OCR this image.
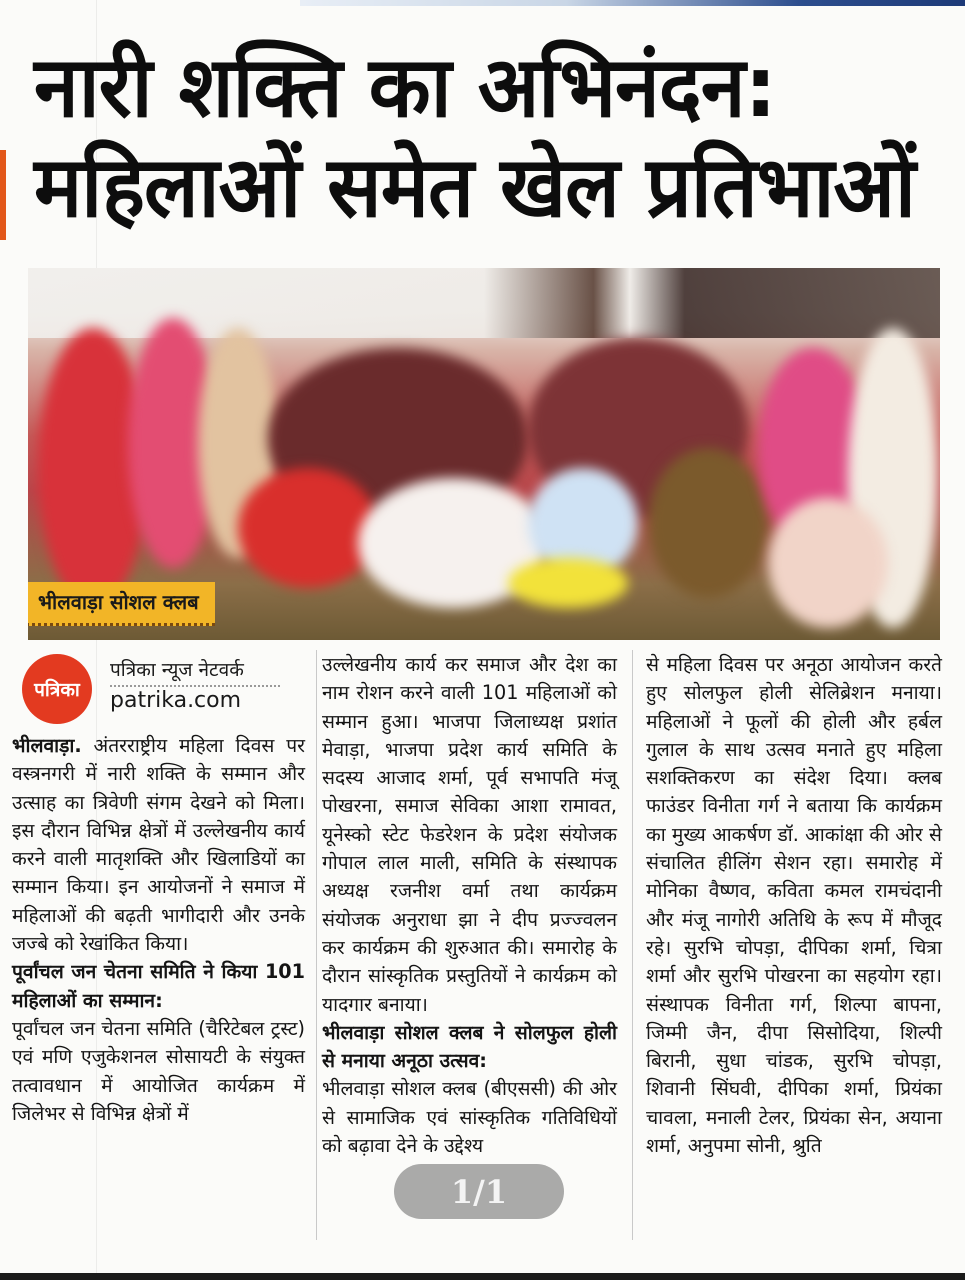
नारी शक्ति का अभिनंदन:
महिलाओं समेत खेल प्रतिभाओं
भीलवाड़ा सोशल क्लब
पत्रिका
पत्रिका न्यूज नेटवर्क
patrika.com

भीलवाड़ा. अंतरराष्ट्रीय महिला दिवस पर वस्त्रनगरी में नारी शक्ति के सम्मान और उत्साह का त्रिवेणी संगम देखने को मिला। इस दौरान विभिन्न क्षेत्रों में उल्लेखनीय कार्य करने वाली मातृशक्ति और खिलाडियों का सम्मान किया। इन आयोजनों ने समाज में महिलाओं की बढ़ती भागीदारी और उनके जज्बे को रेखांकित किया।

पूर्वांचल जन चेतना समिति ने किया 101 महिलाओं का सम्मान:

पूर्वांचल जन चेतना समिति (चैरिटेबल ट्रस्ट) एवं मणि एजुकेशनल सोसायटी के संयुक्त तत्वावधान में आयोजित कार्यक्रम में जिलेभर से विभिन्न क्षेत्रों में

उल्लेखनीय कार्य कर समाज और देश का नाम रोशन करने वाली 101 महिलाओं को सम्मान हुआ। भाजपा जिलाध्यक्ष प्रशांत मेवाड़ा, भाजपा प्रदेश कार्य समिति के सदस्य आजाद शर्मा, पूर्व सभापति मंजू पोखरना, समाज सेविका आशा रामावत, यूनेस्को स्टेट फेडरेशन के प्रदेश संयोजक गोपाल लाल माली, समिति के संस्थापक अध्यक्ष रजनीश वर्मा तथा कार्यक्रम संयोजक अनुराधा झा ने दीप प्रज्ज्वलन कर कार्यक्रम की शुरुआत की। समारोह के दौरान सांस्कृतिक प्रस्तुतियों ने कार्यक्रम को यादगार बनाया।

भीलवाड़ा सोशल क्लब ने सोलफुल होली से मनाया अनूठा उत्सव:

भीलवाड़ा सोशल क्लब (बीएससी) की ओर से सामाजिक एवं सांस्कृतिक गतिविधियों को बढ़ावा देने के उद्देश्य

से महिला दिवस पर अनूठा आयोजन करते हुए सोलफुल होली सेलिब्रेशन मनाया। महिलाओं ने फूलों की होली और हर्बल गुलाल के साथ उत्सव मनाते हुए महिला सशक्तिकरण का संदेश दिया। क्लब फाउंडर विनीता गर्ग ने बताया कि कार्यक्रम का मुख्य आकर्षण डॉ. आकांक्षा की ओर से संचालित हीलिंग सेशन रहा। समारोह में मोनिका वैष्णव, कविता कमल रामचंदानी और मंजू नागोरी अतिथि के रूप में मौजूद रहे। सुरभि चोपड़ा, दीपिका शर्मा, चित्रा शर्मा और सुरभि पोखरना का सहयोग रहा। संस्थापक विनीता गर्ग, शिल्पा बापना, जिम्मी जैन, दीपा सिसोदिया, शिल्पी बिरानी, सुधा चांडक, सुरभि चोपड़ा, शिवानी सिंघवी, दीपिका शर्मा, प्रियंका चावला, मनाली टेलर, प्रियंका सेन, अयाना शर्मा, अनुपमा सोनी, श्रुति

1/1
